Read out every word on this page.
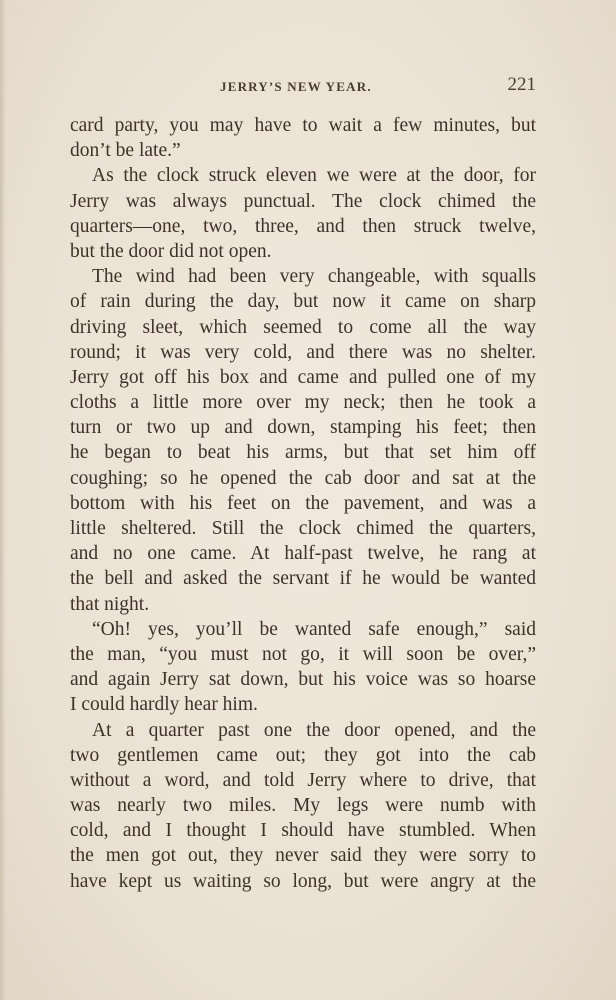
JERRY’S NEW YEAR.	221
card party, you may have to wait a few minutes, but
don’t be late.”
As the clock struck eleven we were at the door, for
Jerry was always punctual. The clock chimed the
quarters—one, two, three, and then struck twelve,
but the door did not open.
The wind had been very changeable, with squalls
of rain during the day, but now it came on sharp
driving sleet, which seemed to come all the way
round; it was very cold, and there was no shelter.
Jerry got off his box and came and pulled one of my
cloths a little more over my neck; then he took a
turn or two up and down, stamping his feet; then
he began to beat his arms, but that set him off
coughing; so he opened the cab door and sat at the
bottom with his feet on the pavement, and was a
little sheltered. Still the clock chimed the quarters,
and no one came. At half-past twelve, he rang at
the bell and asked the servant if he would be wanted
that night.
“Oh! yes, you’ll be wanted safe enough,” said
the man, “you must not go, it will soon be over,”
and again Jerry sat down, but his voice was so hoarse
I could hardly hear him.
At a quarter past one the door opened, and the
two gentlemen came out; they got into the cab
without a word, and told Jerry where to drive, that
was nearly two miles. My legs were numb with
cold, and I thought I should have stumbled. When
the men got out, they never said they were sorry to
have kept us waiting so long, but were angry at the
